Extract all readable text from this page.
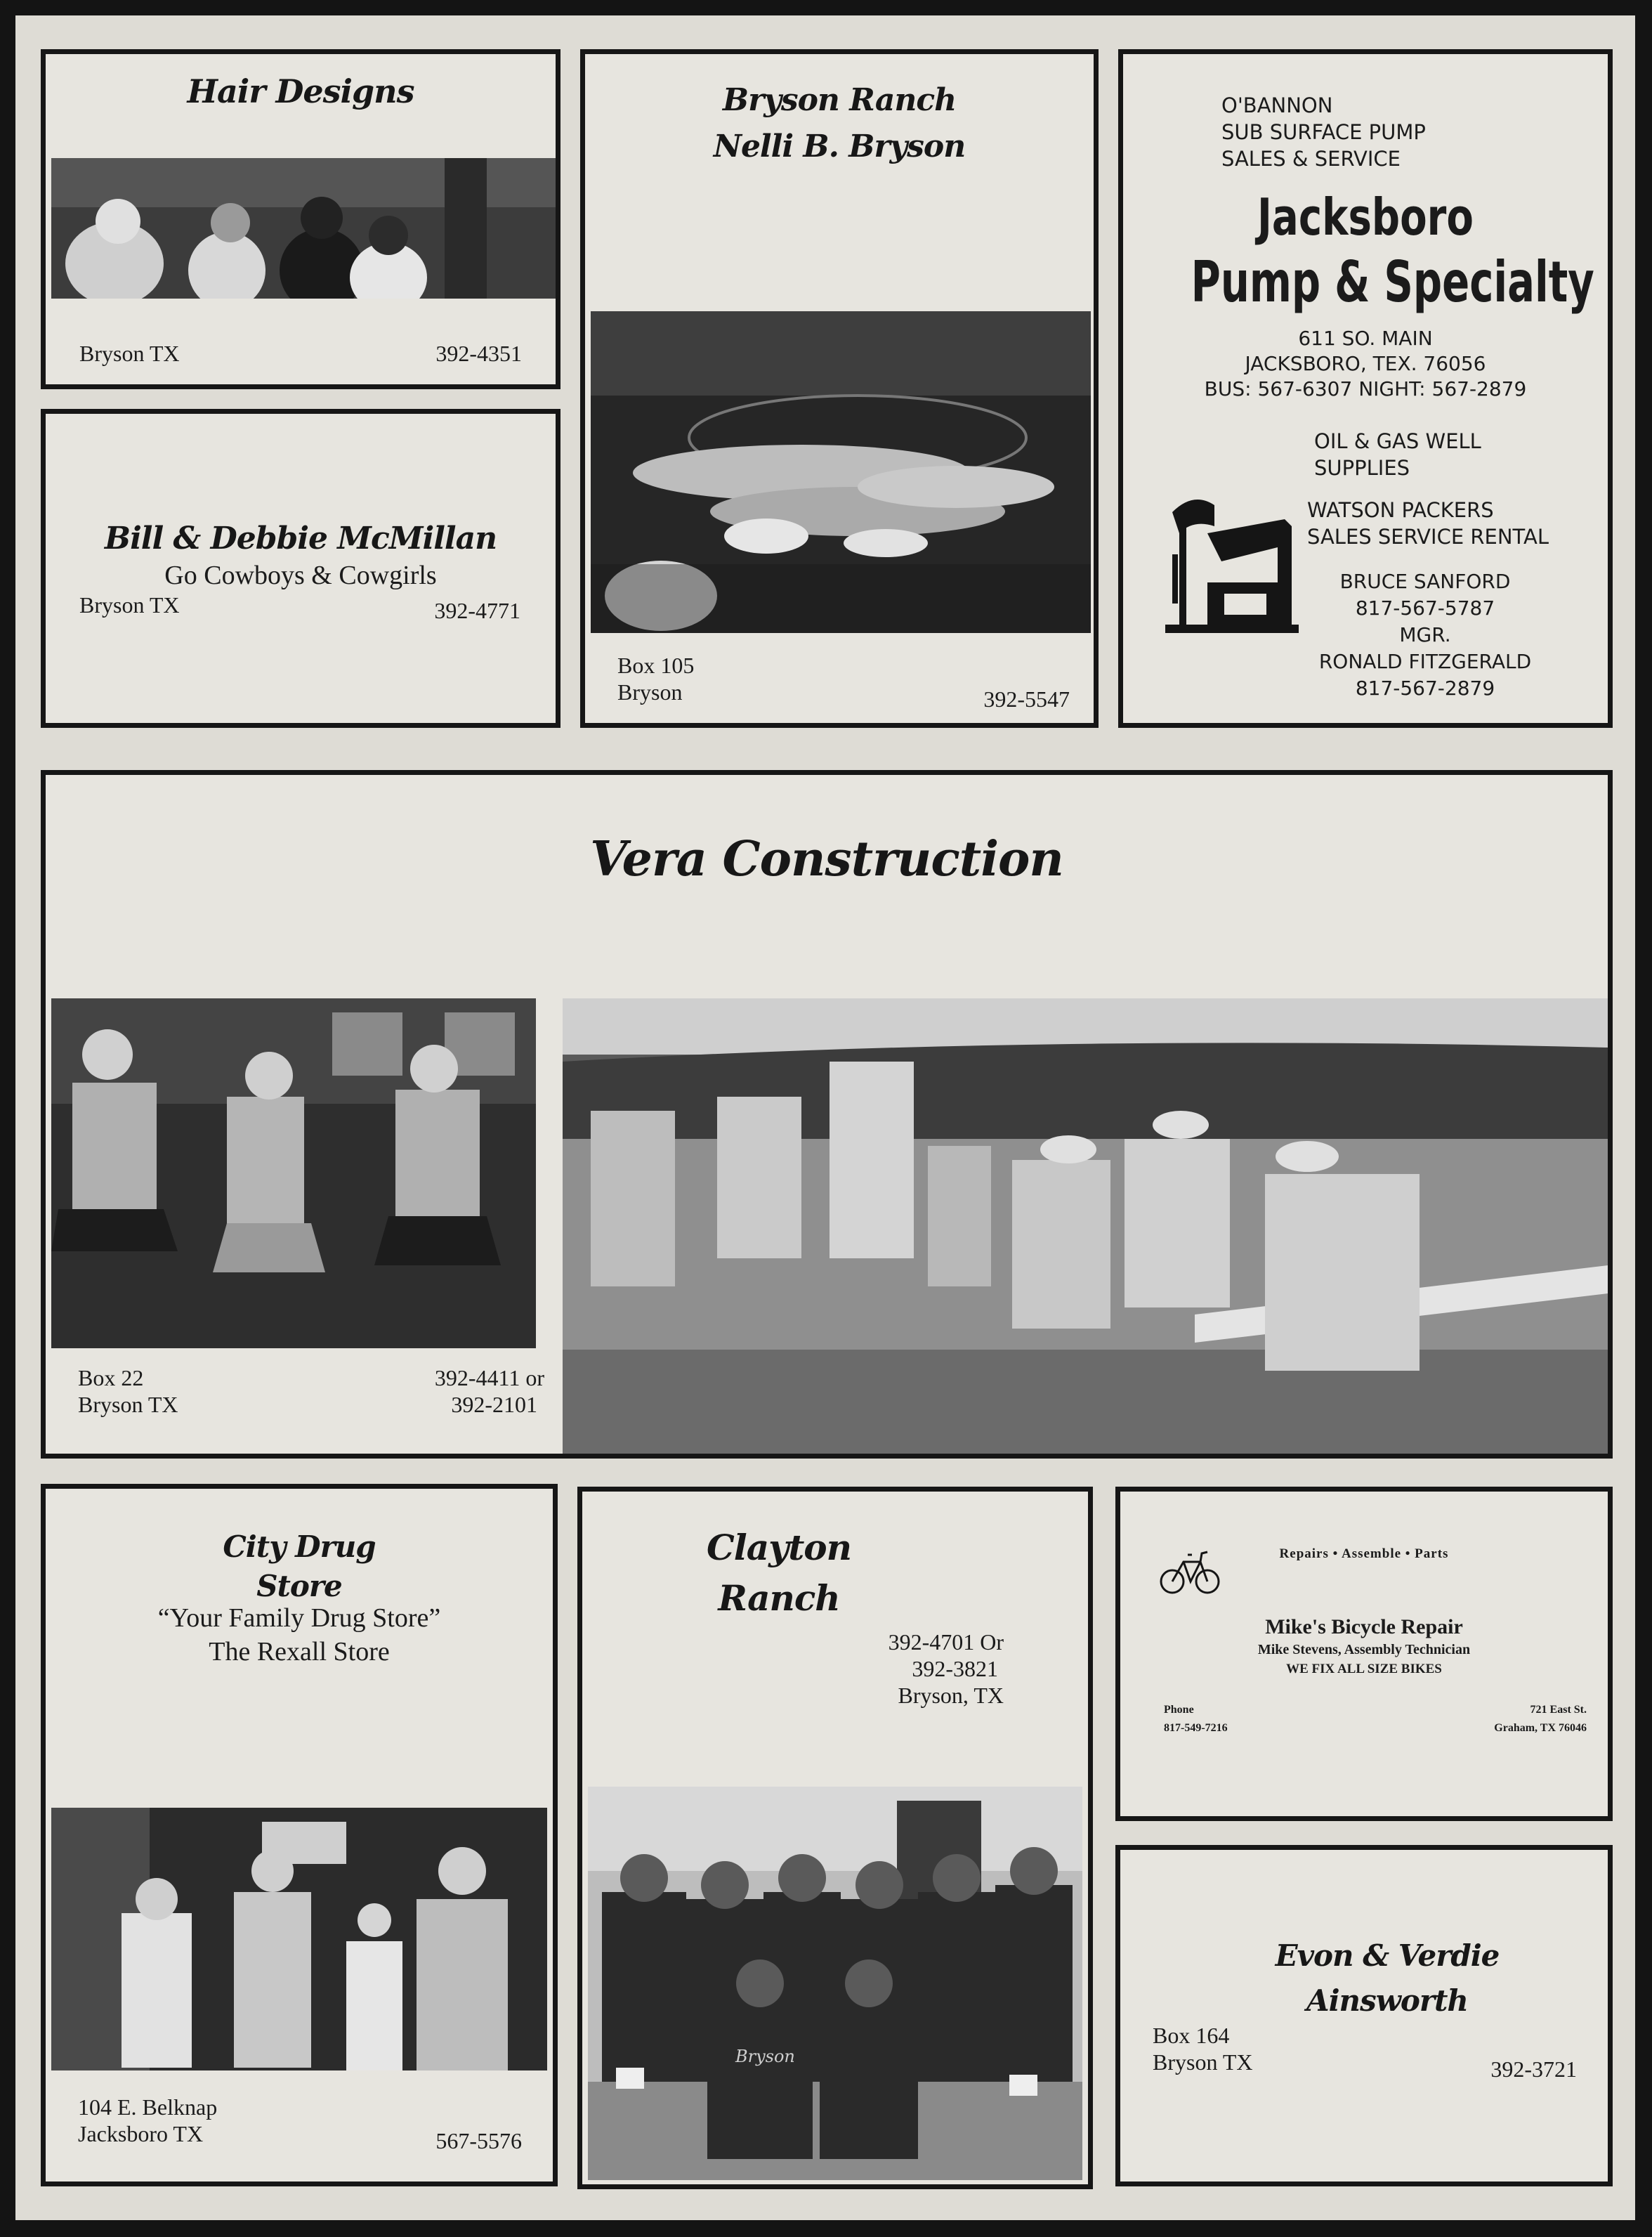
Hair Designs
Bryson TX	392-4351
Bill & Debbie McMillan
Go Cowboys & Cowgirls
Bryson TX	392-4771
Bryson Ranch
Nelli B. Bryson
Box 105
Bryson	392-5547
O'BANNON
SUB SURFACE PUMP
SALES & SERVICE
Jacksboro
Pump & Specialty
611 SO. MAIN
JACKSBORO, TEX. 76056
BUS: 567-6307 NIGHT: 567-2879
OIL & GAS WELL
SUPPLIES
WATSON PACKERS
SALES SERVICE RENTAL
BRUCE SANFORD
817-567-5787
MGR.
RONALD FITZGERALD
817-567-2879
Vera Construction
Box 22
Bryson TX
392-4411 or
392-2101
City Drug
Store
“Your Family Drug Store”
The Rexall Store
104 E. Belknap
Jacksboro TX	567-5576
Clayton
Ranch
392-4701 Or
392-3821
Bryson, TX
Bryson
Repairs • Assemble • Parts
Mike's Bicycle Repair
Mike Stevens, Assembly Technician
WE FIX ALL SIZE BIKES
Phone
817-549-7216
721 East St.
Graham, TX 76046
Evon & Verdie
Ainsworth
Box 164
Bryson TX	392-3721
